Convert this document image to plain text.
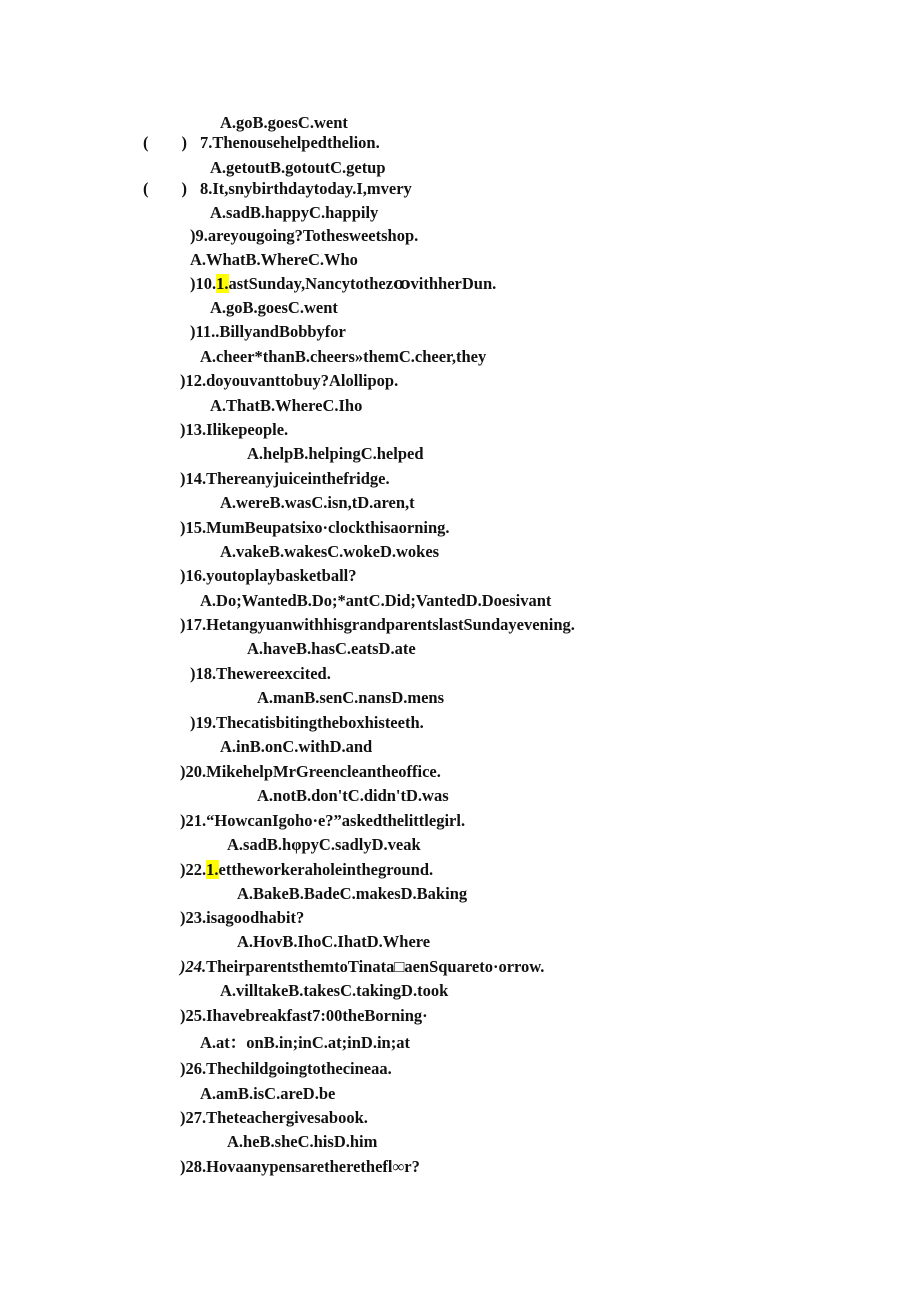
A.goB.goesC.went
(　　) 7.Thenousehelpedthelion.
A.getoutB.gotoutC.getup
(　　) 8.It,snybirthdaytoday.I,mvery
A.sadB.happyC.happily
)9.areyougoing?Tothesweetshop.
A.WhatB.WhereC.Who
)10.1.astSunday,NancytothezꝏvithherDun.
A.goB.goesC.went
)11..BillyandBobbyfor
A.cheer*thanB.cheers»themC.cheer,they
)12.doyouvanttobuy?Alollipop.
A.ThatB.WhereC.Iho
)13.Ilikepeople.
A.helpB.helpingC.helped
)14.Thereanyjuiceinthefridge.
A.wereB.wasC.isn,tD.aren,t
)15.MumBeupatsixo·clockthisaorning.
A.vakeB.wakesC.wokeD.wokes
)16.youtoplaybasketball?
A.Do;WantedB.Do;*antC.Did;VantedD.Doesivant
)17.HetangyuanwithhisgrandparentslastSundayevening.
A.haveB.hasC.eatsD.ate
)18.Thewereexcited.
A.manB.senC.nansD.mens
)19.Thecatisbitingtheboxhisteeth.
A.inB.onC.withD.and
)20.MikehelpMrGreencleantheoffice.
A.notB.don'tC.didn'tD.was
)21.“HowcanIgoho·e?”askedthelittlegirl.
A.sadB.hφpyC.sadlyD.veak
)22.1.ettheworkeraholeintheground.
A.BakeB.BadeC.makesD.Baking
)23.isagoodhabit?
A.HovB.IhoC.IhatD.Where
)24.TheirparentsthemtoTinata□aenSquareto·orrow.
A.villtakeB.takesC.takingD.took
)25.Ihavebreakfast7:00theBorning·
A.at：onB.in;inC.at;inD.in;at
)26.Thechildgoingtothecineaa.
A.amB.isC.areD.be
)27.Theteachergivesabook.
A.heB.sheC.hisD.him
)28.Hovaanypensaretherethefl∞r?
